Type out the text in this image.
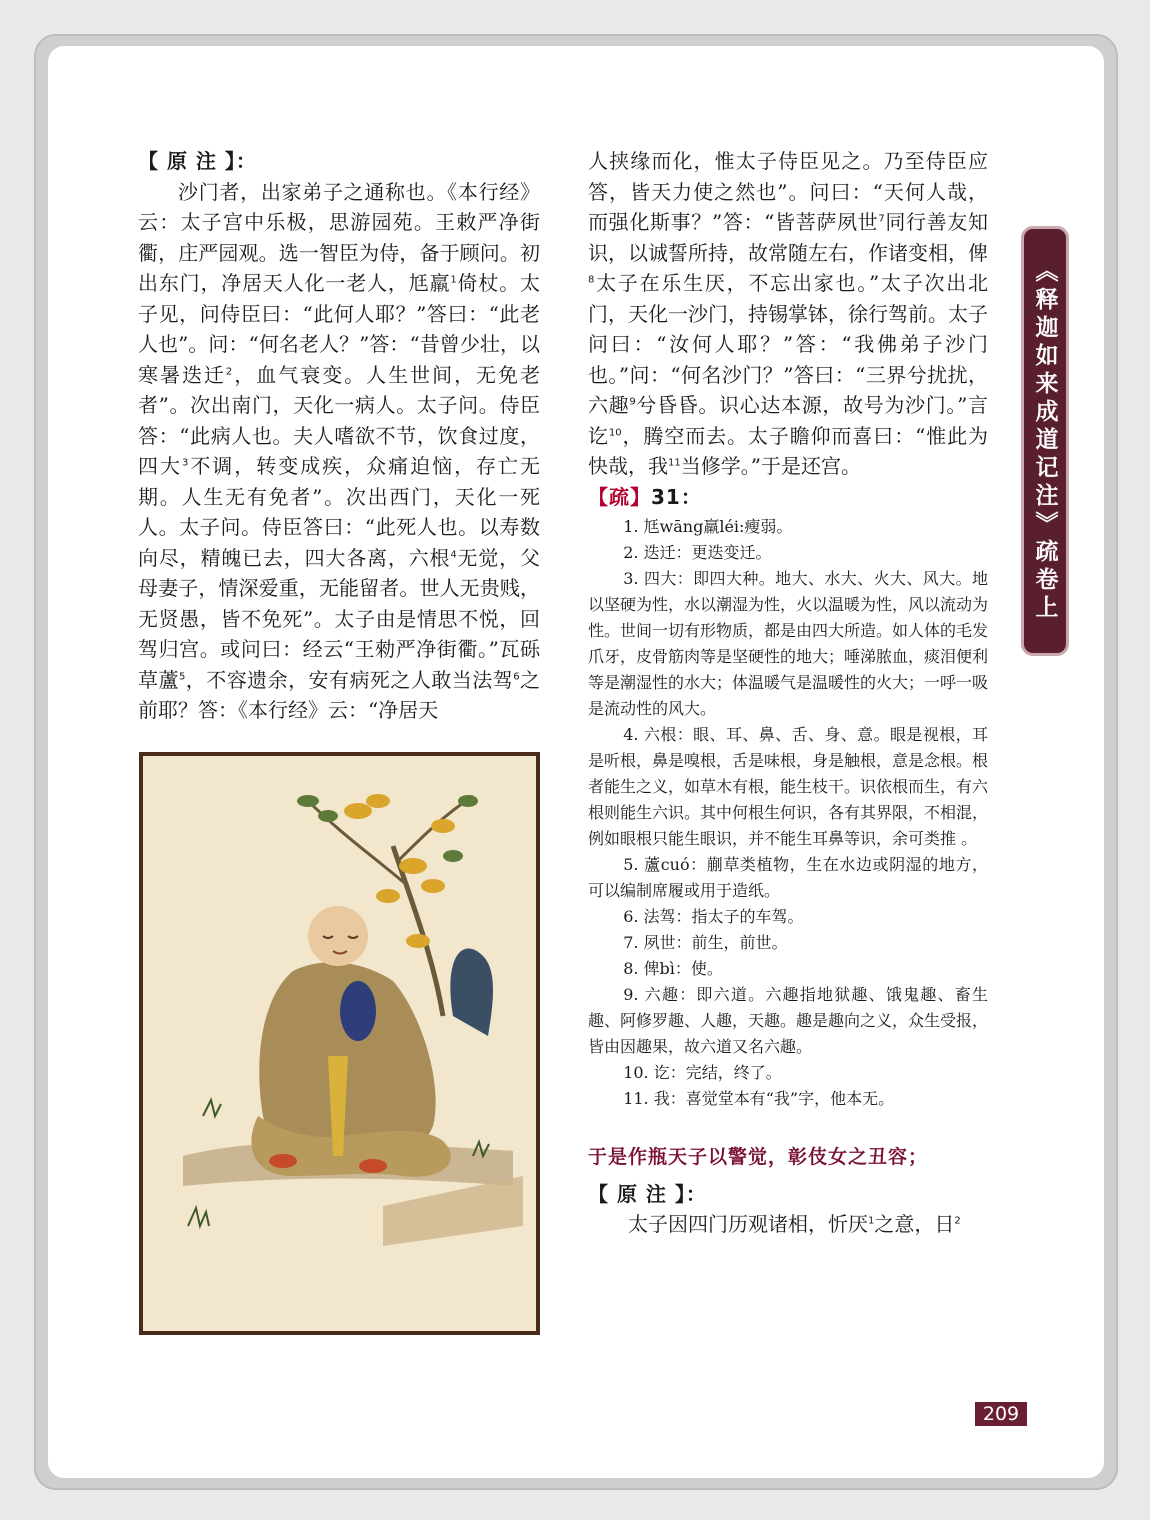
【 原 注 】：

沙门者，出家弟子之通称也。《本行经》云：太子宫中乐极，思游园苑。王敕严净街衢，庄严园观。选一智臣为侍，备于顾问。初出东门，净居天人化一老人，尪羸$^1$倚杖。太子见，问侍臣曰：“此何人耶？”答曰：“此老人也”。问：“何名老人？”答：“昔曾少壮，以寒暑迭迁$^2$，血气衰变。人生世间，无免老者”。次出南门，天化一病人。太子问。侍臣答：“此病人也。夫人嗜欲不节，饮食过度，四大$^3$不调，转变成疾，众痛迫恼，存亡无期。人生无有免者”。次出西门，天化一死人。太子问。侍臣答曰：“此死人也。以寿数向尽，精魄已去，四大各离，六根$^4$无觉，父母妻子，情深爱重，无能留者。世人无贵贱，无贤愚，皆不免死”。太子由是情思不悦，回驾归宫。或问曰：经云“王勑严净街衢。”瓦砾草蘆$^5$，不容遗余，安有病死之人敢当法驾$^6$之前耶？答：《本行经》云：“净居天

人挟缘而化，惟太子侍臣见之。乃至侍臣应答，皆天力使之然也”。问曰：“天何人哉，而强化斯事？”答：“皆菩萨夙世$^7$同行善友知识，以诚誓所持，故常随左右，作诸变相，俾$^8$太子在乐生厌，不忘出家也。”太子次出北门，天化一沙门，持锡掌钵，徐行驾前。太子问曰：“汝何人耶？”答：“我佛弟子沙门也。”问：“何名沙门？”答曰：“三界兮扰扰，六趣$^9$兮昏昏。识心达本源，故号为沙门。”言讫$^{10}$，腾空而去。太子瞻仰而喜曰：“惟此为快哉，我$^{11}$当修学。”于是还宫。

【疏】31：

1. 尪wāng羸léi:瘦弱。

2. 迭迁：更迭变迁。

3. 四大：即四大种。地大、水大、火大、风大。地以坚硬为性，水以潮湿为性，火以温暖为性，风以流动为性。世间一切有形物质，都是由四大所造。如人体的毛发爪牙，皮骨筋肉等是坚硬性的地大；唾涕脓血，痰泪便利等是潮湿性的水大；体温暖气是温暖性的火大；一呼一吸是流动性的风大。

4. 六根：眼、耳、鼻、舌、身、意。眼是视根，耳是听根，鼻是嗅根，舌是味根，身是触根，意是念根。根者能生之义，如草木有根，能生枝干。识依根而生，有六根则能生六识。其中何根生何识，各有其界限，不相混，例如眼根只能生眼识，并不能生耳鼻等识，余可类推 。

5. 蘆cuó：蒯草类植物，生在水边或阴湿的地方，可以编制席履或用于造纸。

6. 法驾：指太子的车驾。

7. 夙世：前生，前世。

8. 俾bì：使。

9. 六趣：即六道。六趣指地狱趣、饿鬼趣、畜生趣、阿修罗趣、人趣，天趣。趣是趣向之义，众生受报，皆由因趣果，故六道又名六趣。

10. 讫：完结，终了。

11. 我：喜觉堂本有“我”字，他本无。

于是作瓶天子以警觉，彰伎女之丑容；

【 原 注 】：

太子因四门历观诸相，忻厌$^1$之意，日$^2$

《释迦如来成道记注》疏卷上
209
